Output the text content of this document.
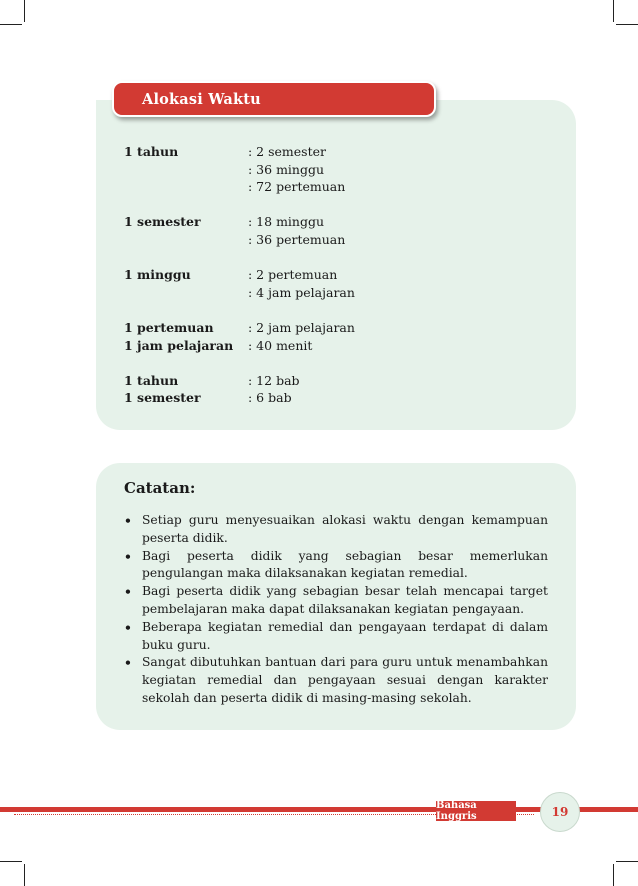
Alokasi Waktu
1 tahun	: 2 semester
: 36 minggu
: 72 pertemuan
1 semester	: 18 minggu
: 36 pertemuan
1 minggu	: 2 pertemuan
: 4 jam pelajaran
1 pertemuan	: 2 jam pelajaran
1 jam pelajaran	: 40 menit
1 tahun	: 12 bab
1 semester	: 6 bab
Catatan:
• Setiap guru menyesuaikan alokasi waktu dengan kemampuan peserta didik.
• Bagi peserta didik yang sebagian besar memerlukan pengulangan maka dilaksanakan kegiatan remedial.
• Bagi peserta didik yang sebagian besar telah mencapai target pembelajaran maka dapat dilaksanakan kegiatan pengayaan.
• Beberapa kegiatan remedial dan pengayaan terdapat di dalam buku guru.
• Sangat dibutuhkan bantuan dari para guru untuk menambahkan kegiatan remedial dan pengayaan sesuai dengan karakter sekolah dan peserta didik di masing-masing sekolah.
Bahasa Inggris	19
